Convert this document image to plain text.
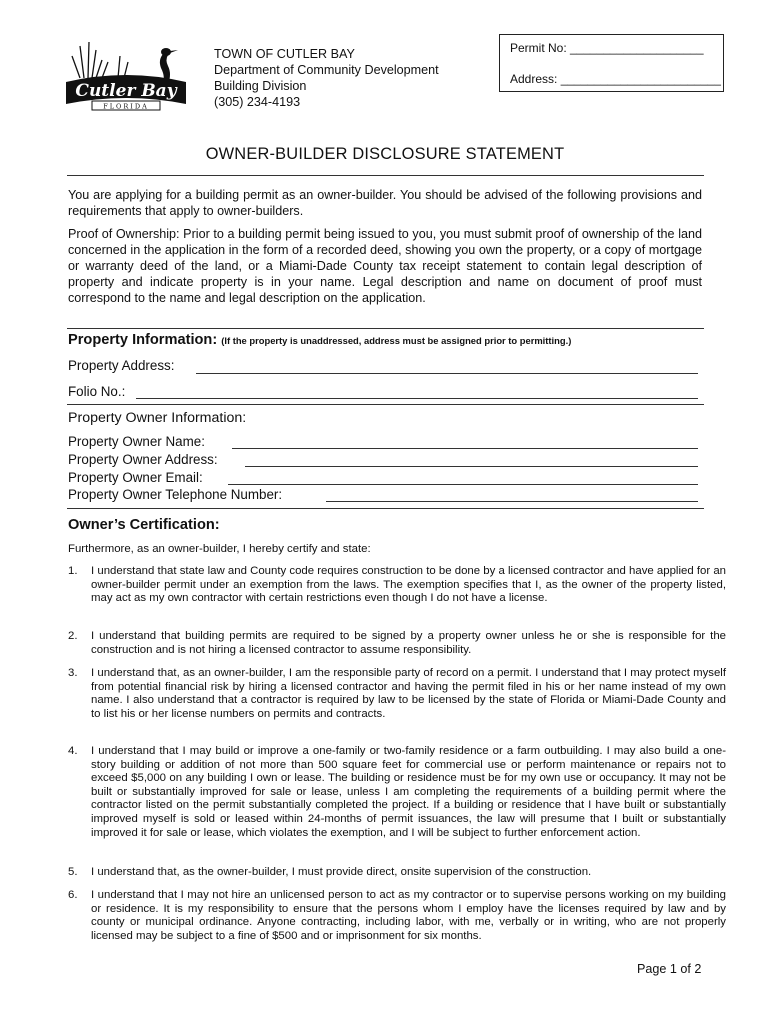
Cutler Bay
FLORIDA
TOWN OF CUTLER BAY
Department of Community Development
Building Division
(305) 234-4193
Permit No: ____________________
Address: ________________________
OWNER-BUILDER DISCLOSURE STATEMENT
You are applying for a building permit as an owner-builder. You should be advised of the following provisions and requirements that apply to owner-builders.
Proof of Ownership: Prior to a building permit being issued to you, you must submit proof of ownership of the land concerned in the application in the form of a recorded deed, showing you own the property, or a copy of mortgage or warranty deed of the land, or a Miami-Dade County tax receipt statement to contain legal description of property and indicate property is in your name. Legal description and name on document of proof must correspond to the name and legal description on the application.
Property Information: (If the property is unaddressed, address must be assigned prior to permitting.)
Property Address:
Folio No.:
Property Owner Information:
Property Owner Name:
Property Owner Address:
Property Owner Email:
Property Owner Telephone Number:
Owner’s Certification:
Furthermore, as an owner-builder, I hereby certify and state:
1. I understand that state law and County code requires construction to be done by a licensed contractor and have applied for an owner-builder permit under an exemption from the laws. The exemption specifies that I, as the owner of the property listed, may act as my own contractor with certain restrictions even though I do not have a license.
2. I understand that building permits are required to be signed by a property owner unless he or she is responsible for the construction and is not hiring a licensed contractor to assume responsibility.
3. I understand that, as an owner-builder, I am the responsible party of record on a permit. I understand that I may protect myself from potential financial risk by hiring a licensed contractor and having the permit filed in his or her name instead of my own name. I also understand that a contractor is required by law to be licensed by the state of Florida or Miami-Dade County and to list his or her license numbers on permits and contracts.
4. I understand that I may build or improve a one-family or two-family residence or a farm outbuilding. I may also build a one-story building or addition of not more than 500 square feet for commercial use or perform maintenance or repairs not to exceed $5,000 on any building I own or lease. The building or residence must be for my own use or occupancy. It may not be built or substantially improved for sale or lease, unless I am completing the requirements of a building permit where the contractor listed on the permit substantially completed the project. If a building or residence that I have built or substantially improved myself is sold or leased within 24-months of permit issuances, the law will presume that I built or substantially improved it for sale or lease, which violates the exemption, and I will be subject to further enforcement action.
5. I understand that, as the owner-builder, I must provide direct, onsite supervision of the construction.
6. I understand that I may not hire an unlicensed person to act as my contractor or to supervise persons working on my building or residence. It is my responsibility to ensure that the persons whom I employ have the licenses required by law and by county or municipal ordinance. Anyone contracting, including labor, with me, verbally or in writing, who are not properly licensed may be subject to a fine of $500 and or imprisonment for six months.
Page 1 of 2
